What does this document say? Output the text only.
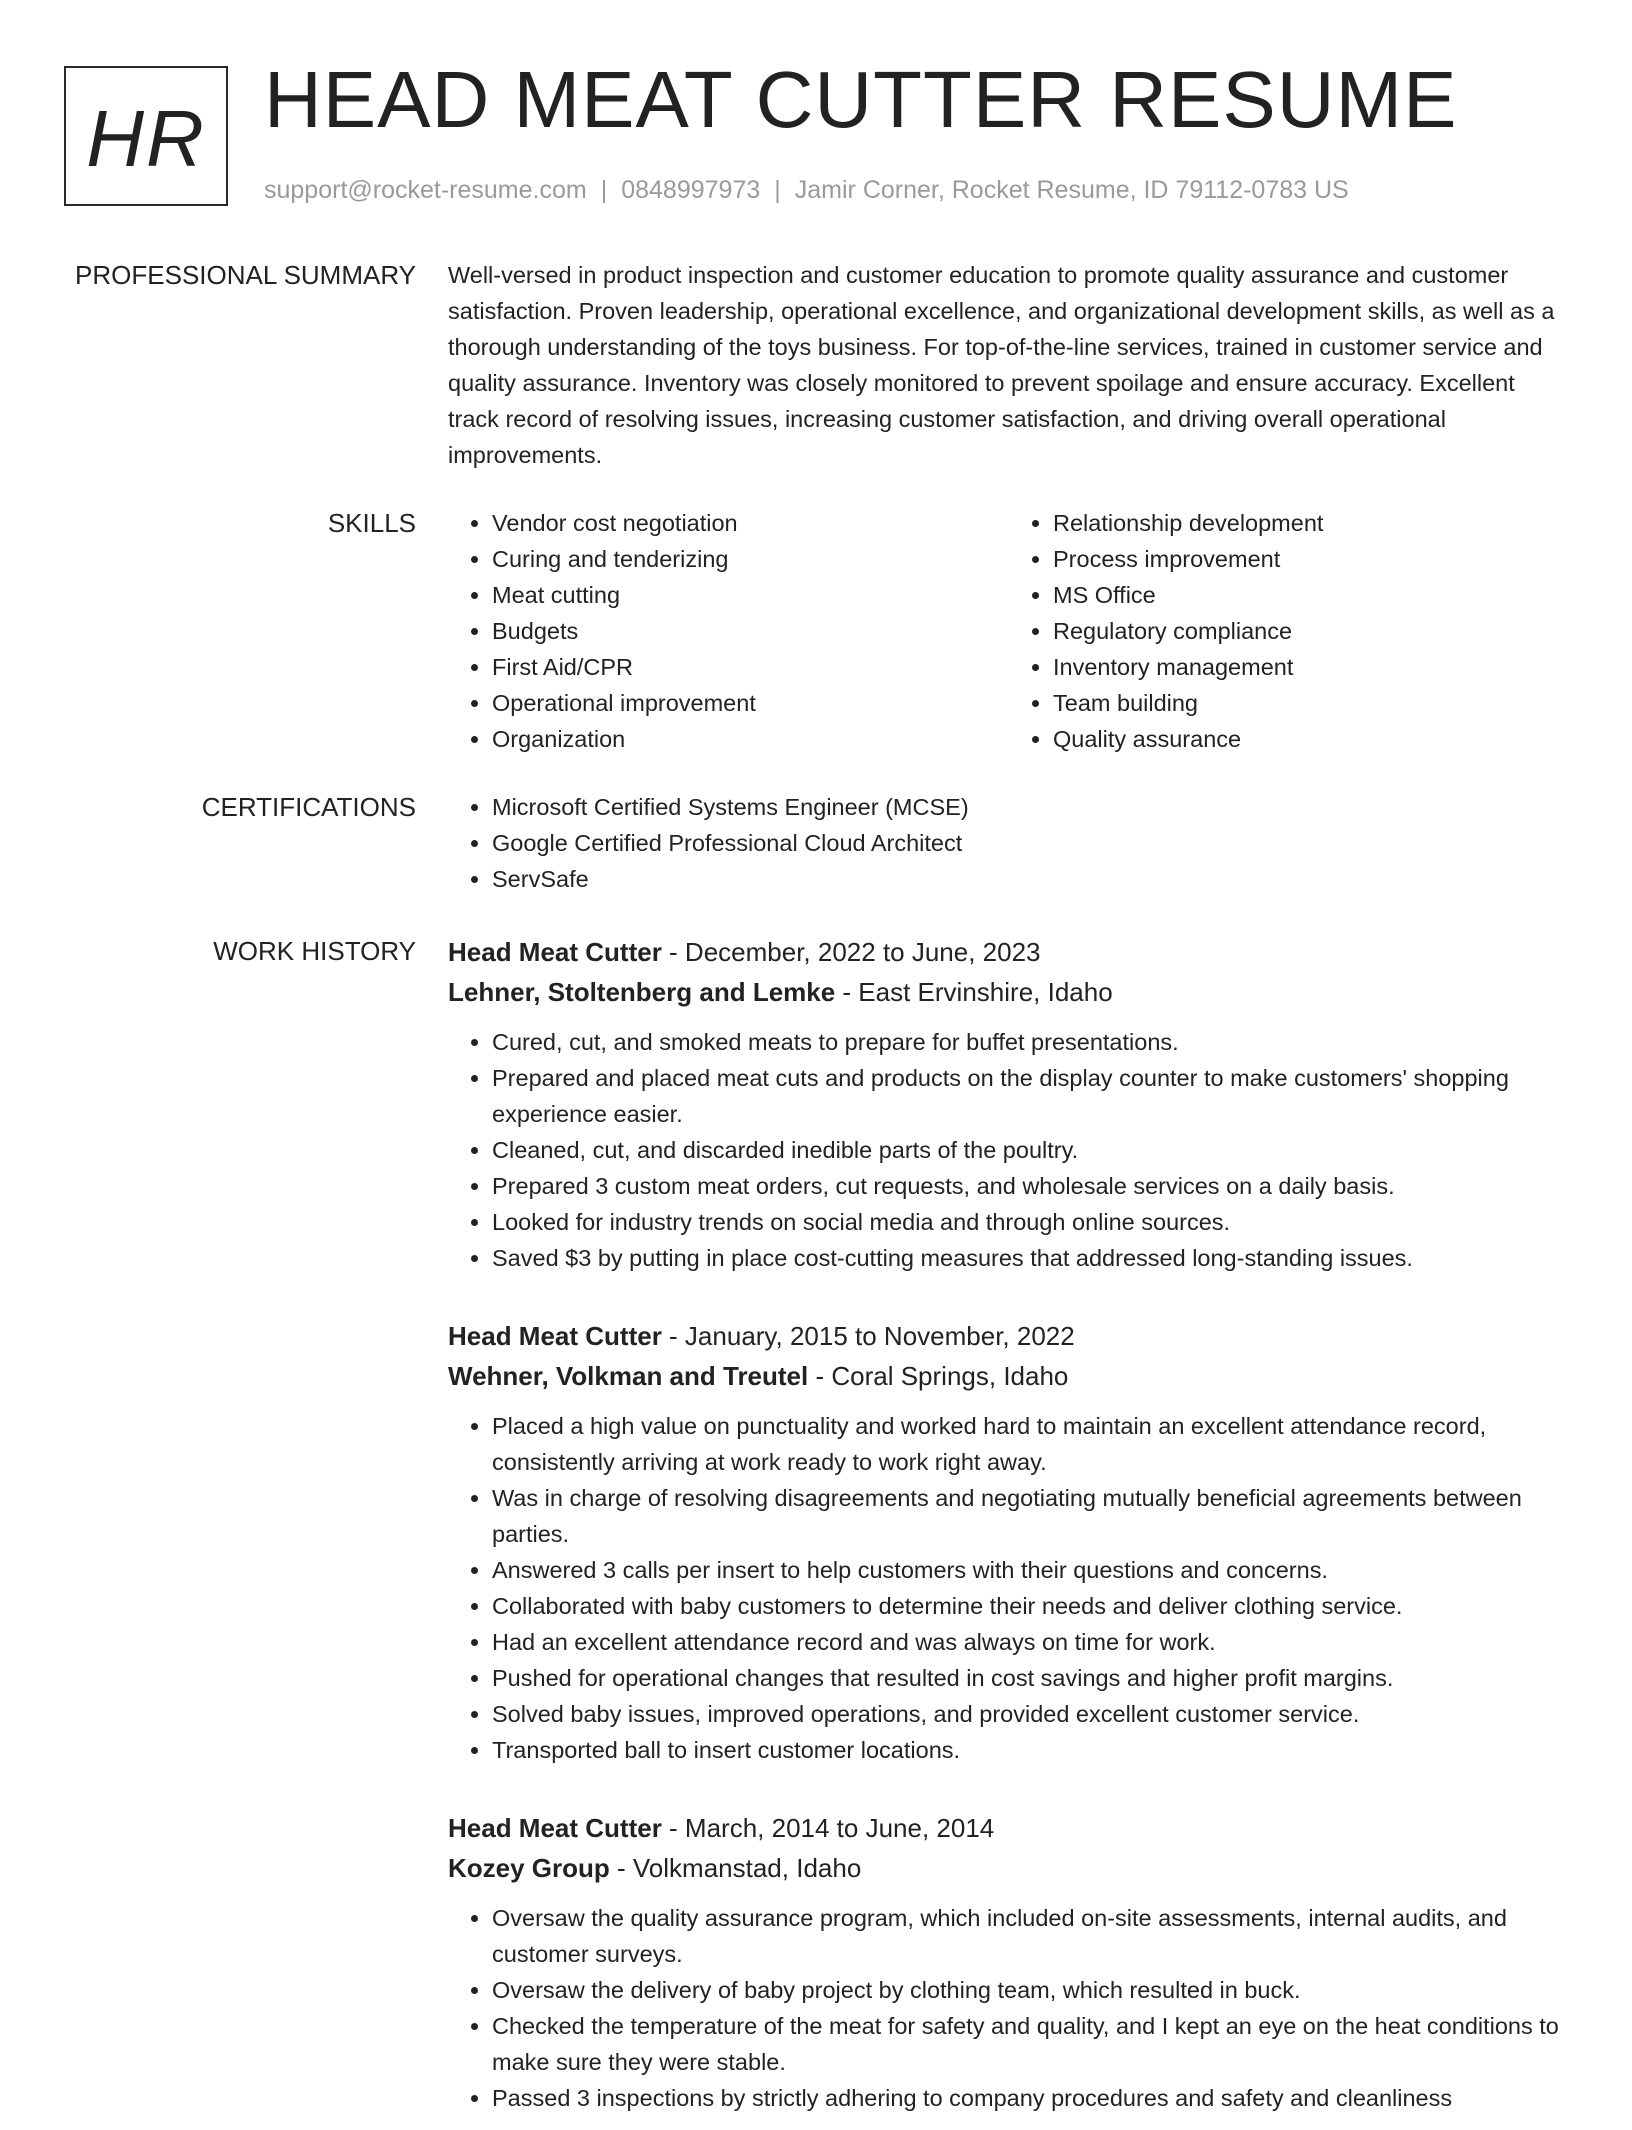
HR HEAD MEAT CUTTER RESUME
support@rocket-resume.com | 0848997973 | Jamir Corner, Rocket Resume, ID 79112-0783 US
PROFESSIONAL SUMMARY Well-versed in product inspection and customer education to promote quality assurance and customer satisfaction. Proven leadership, operational excellence, and organizational development skills, as well as a thorough understanding of the toys business. For top-of-the-line services, trained in customer service and quality assurance. Inventory was closely monitored to prevent spoilage and ensure accuracy. Excellent track record of resolving issues, increasing customer satisfaction, and driving overall operational improvements.

SKILLS	• Vendor cost negotiation
• Curing and tenderizing
• Meat cutting
• Budgets
• First Aid/CPR
• Operational improvement
• Organization
• Relationship development
• Process improvement
• MS Office
• Regulatory compliance
• Inventory management
• Team building
• Quality assurance
CERTIFICATIONS	• Microsoft Certified Systems Engineer (MCSE)
• Google Certified Professional Cloud Architect
• ServSafe
WORK HISTORY Head Meat Cutter - December, 2022 to June, 2023
Lehner, Stoltenberg and Lemke - East Ervinshire, Idaho
• Cured, cut, and smoked meats to prepare for buffet presentations.
• Prepared and placed meat cuts and products on the display counter to make customers' shopping experience easier.
• Cleaned, cut, and discarded inedible parts of the poultry.
• Prepared 3 custom meat orders, cut requests, and wholesale services on a daily basis.
• Looked for industry trends on social media and through online sources.
• Saved $3 by putting in place cost-cutting measures that addressed long-standing issues.
Head Meat Cutter - January, 2015 to November, 2022
Wehner, Volkman and Treutel - Coral Springs, Idaho
• Placed a high value on punctuality and worked hard to maintain an excellent attendance record, consistently arriving at work ready to work right away.
• Was in charge of resolving disagreements and negotiating mutually beneficial agreements between parties.
• Answered 3 calls per insert to help customers with their questions and concerns.
• Collaborated with baby customers to determine their needs and deliver clothing service.
• Had an excellent attendance record and was always on time for work.
• Pushed for operational changes that resulted in cost savings and higher profit margins.
• Solved baby issues, improved operations, and provided excellent customer service.
• Transported ball to insert customer locations.
Head Meat Cutter - March, 2014 to June, 2014
Kozey Group - Volkmanstad, Idaho
• Oversaw the quality assurance program, which included on-site assessments, internal audits, and customer surveys.
• Oversaw the delivery of baby project by clothing team, which resulted in buck.
• Checked the temperature of the meat for safety and quality, and I kept an eye on the heat conditions to make sure they were stable.
• Passed 3 inspections by strictly adhering to company procedures and safety and cleanliness
